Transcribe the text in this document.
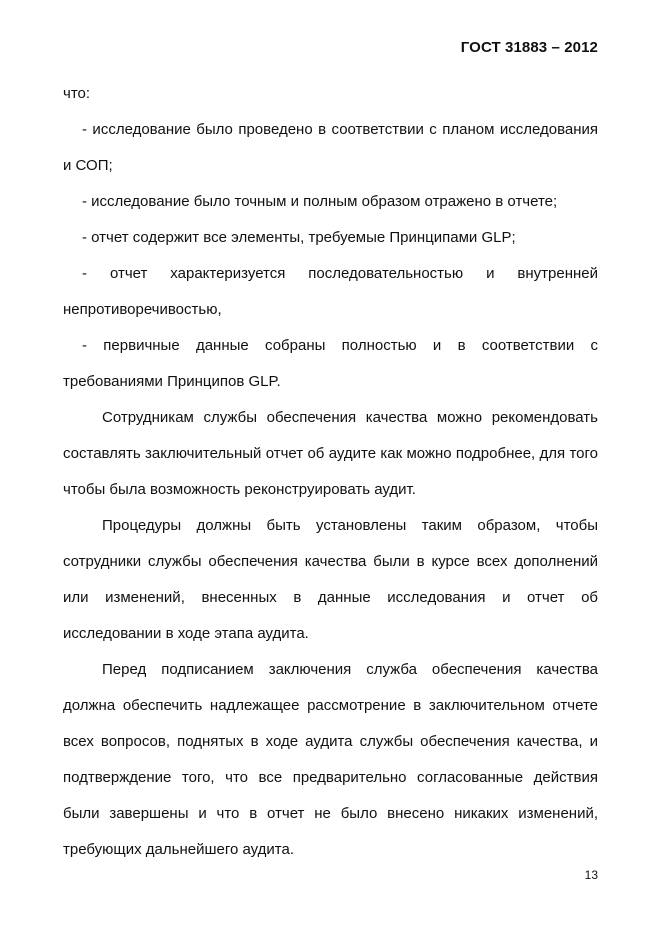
ГОСТ 31883 – 2012

что:

- исследование было проведено в соответствии с планом исследования и СОП;

- исследование было точным и полным образом отражено в отчете;

- отчет содержит все элементы, требуемые Принципами GLP;

- отчет характеризуется последовательностью и внутренней непротиворечивостью,

- первичные данные собраны полностью и в соответствии с требованиями Принципов GLP.

Сотрудникам службы обеспечения качества можно рекомендовать составлять заключительный отчет об аудите как можно подробнее, для того чтобы была возможность реконструировать аудит.

Процедуры должны быть установлены таким образом, чтобы сотрудники службы обеспечения качества были в курсе всех дополнений или изменений, внесенных в данные исследования и отчет об исследовании в ходе этапа аудита.

Перед подписанием заключения служба обеспечения качества должна обеспечить надлежащее рассмотрение в заключительном отчете всех вопросов, поднятых в ходе аудита службы обеспечения качества, и подтверждение того, что все предварительно согласованные действия были завершены и что в отчет не было внесено никаких изменений, требующих дальнейшего аудита.

13
